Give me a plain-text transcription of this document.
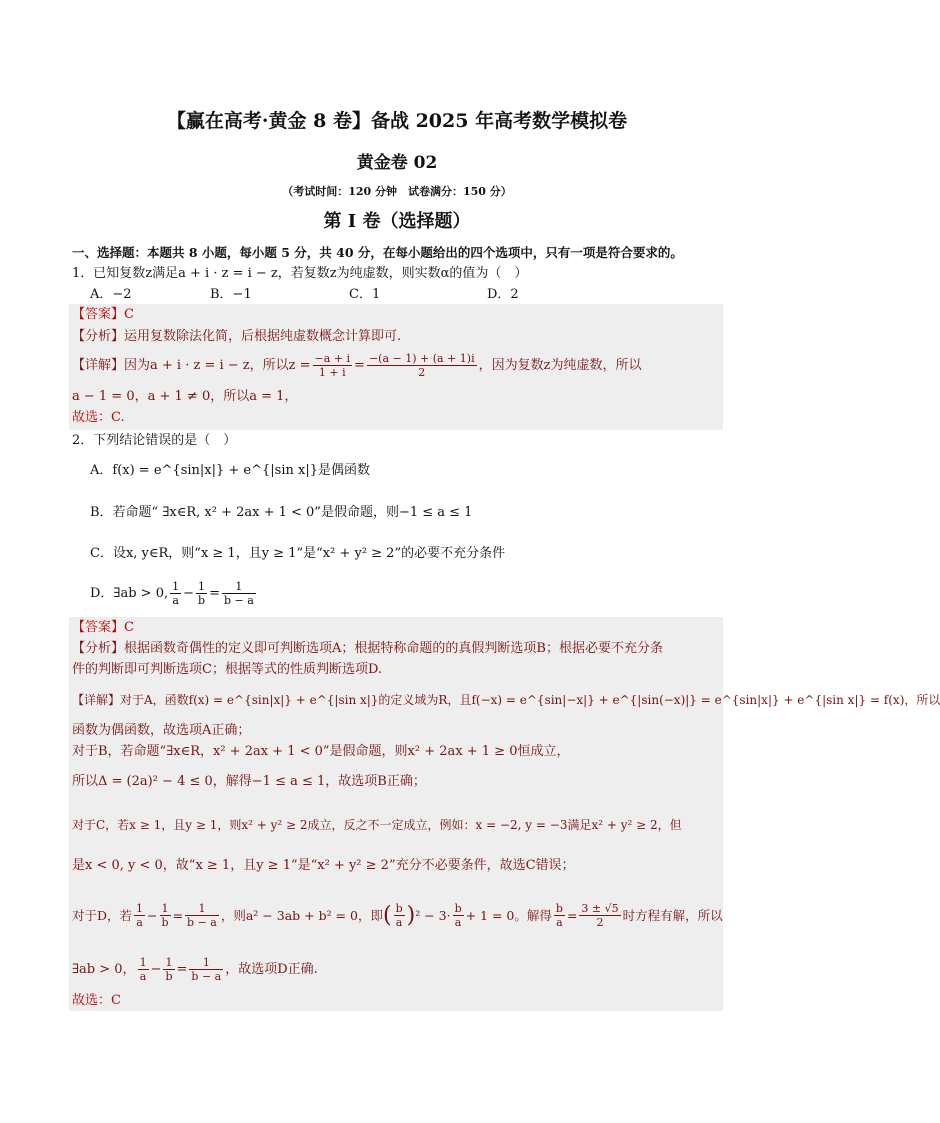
【赢在高考·黄金 8 卷】备战 2025 年高考数学模拟卷
黄金卷 02
（考试时间：120 分钟　试卷满分：150 分）
第 I 卷（选择题）
一、选择题：本题共 8 小题，每小题 5 分，共 40 分，在每小题给出的四个选项中，只有一项是符合要求的。
1．已知复数z满足a + i · z = i − z，若复数z为纯虚数，则实数α的值为（　）
A．−2	B．−1	C．1	D．2
【答案】C
【分析】运用复数除法化简，后根据纯虚数概念计算即可.
【详解】因为a + i · z = i − z，所以$z = \frac{-a + i}{1 + i} = \frac{-(a - 1) + (a + 1)i}{2}$ ，因为复数z为纯虚数，所以
a − 1 = 0，a + 1 ≠ 0，所以a = 1，
故选：C.
2．下列结论错误的是（　）
A．f(x) = e^{sin|x|} + e^{|sin x|}是偶函数
B．若命题“ ∃x∈R, x² + 2ax + 1 < 0”是假命题，则−1 ≤ a ≤ 1
C．设x, y∈R，则“x ≥ 1，且y ≥ 1”是“x² + y² ≥ 2”的必要不充分条件
D．∃ab > 0, $\frac{1}{a} - \frac{1}{b} = \frac{1}{b - a}$
【答案】C
【分析】根据函数奇偶性的定义即可判断选项A；根据特称命题的的真假判断选项B；根据必要不充分条
件的判断即可判断选项C；根据等式的性质判断选项D.
【详解】对于A，函数f(x) = e^{sin|x|} + e^{|sin x|}的定义域为R，且f(−x) = e^{sin|−x|} + e^{|sin(−x)|} = e^{sin|x|} + e^{|sin x|} = f(x)，所以
函数为偶函数，故选项A正确；
对于B，若命题“∃x∈R，x² + 2ax + 1 < 0”是假命题，则x² + 2ax + 1 ≥ 0恒成立，
所以Δ = (2a)² − 4 ≤ 0，解得−1 ≤ a ≤ 1，故选项B正确；
对于C，若x ≥ 1，且y ≥ 1，则x² + y² ≥ 2成立，反之不一定成立，例如：x = −2, y = −3满足x² + y² ≥ 2，但
是x < 0, y < 0，故“x ≥ 1，且y ≥ 1”是“x² + y² ≥ 2”充分不必要条件，故选C错误；
对于D，若 $\frac{1}{a} - \frac{1}{b} = \frac{1}{b - a}$ ，则a² − 3ab + b² = 0，即 ( $\frac{b}{a}$ ) $^2 - 3\cdot \frac{b}{a} + 1 = 0$。解得 $\frac{b}{a} = \frac{3 \pm √5}{2}$ 时方程有解，所以
∃ab > 0， $\frac{1}{a} - \frac{1}{b} = \frac{1}{b - a}$ ，故选项D正确.
故选：C
